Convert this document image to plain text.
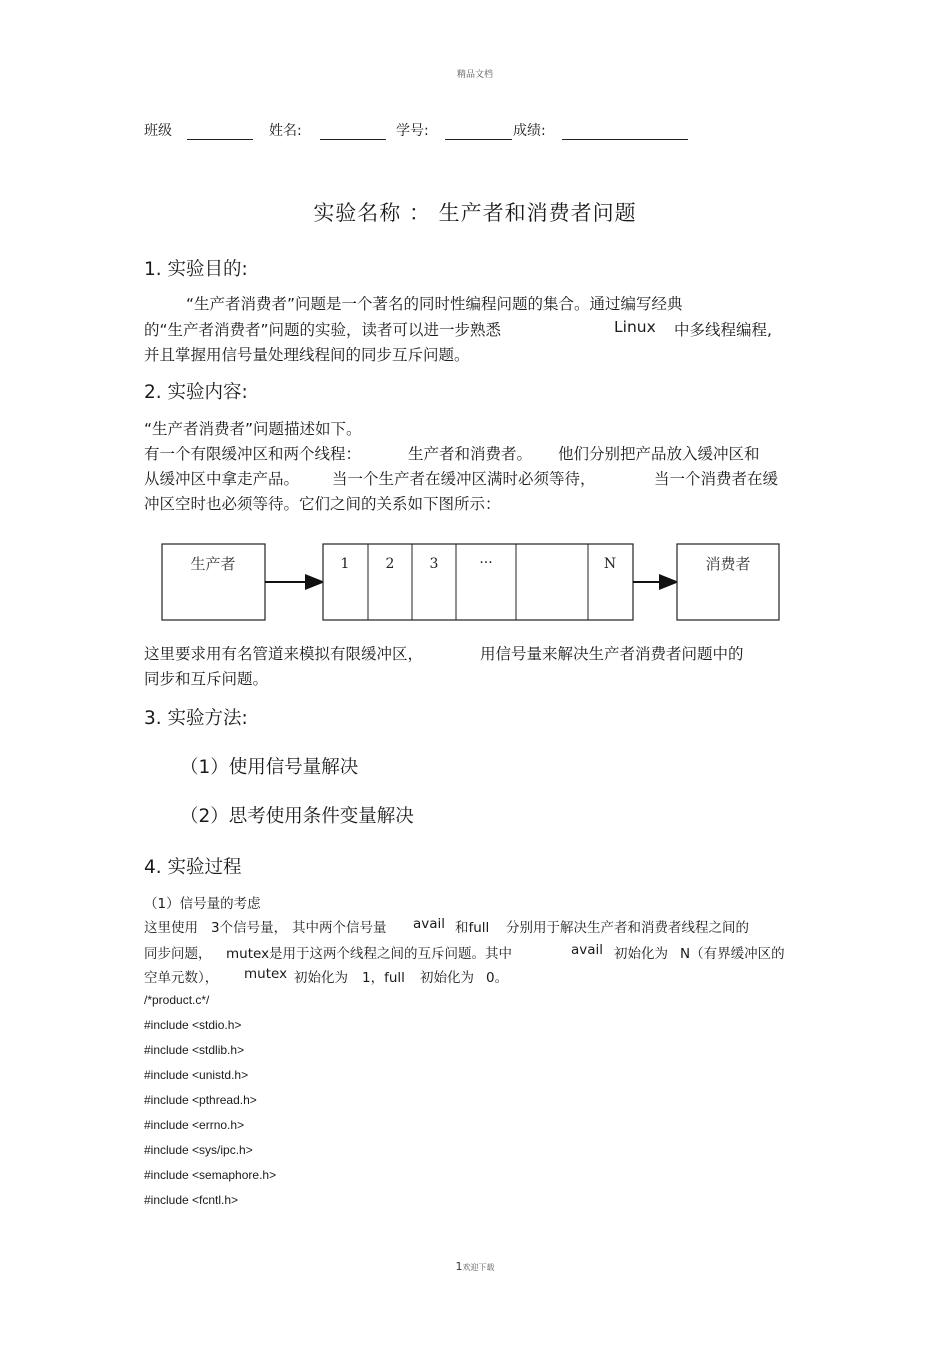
精品文档
班级	姓名:	学号:	成绩:
实验名称 ： 生产者和消费者问题
1. 实验目的:
“生产者消费者”问题是一个著名的同时性编程问题的集合。通过编写经典
的“生产者消费者”问题的实验，读者可以进一步熟悉	Linux 中多线程编程,
并且掌握用信号量处理线程间的同步互斥问题。
2. 实验内容:
“生产者消费者”问题描述如下。
有一个有限缓冲区和两个线程：	生产者和消费者。 他们分别把产品放入缓冲区和
从缓冲区中拿走产品。 当一个生产者在缓冲区满时必须等待，	当一个消费者在缓
冲区空时也必须等待。它们之间的关系如下图所示：
生产者	1	2	3	···	N	消费者
这里要求用有名管道来模拟有限缓冲区，	用信号量来解决生产者消费者问题中的
同步和互斥问题。
3. 实验方法:
（1）使用信号量解决
（2）思考使用条件变量解决
4. 实验过程
（1）信号量的考虑
这里使用 3个信号量， 其中两个信号量 avail 和full 分别用于解决生产者和消费者线程之间的
同步问题， mutex是用于这两个线程之间的互斥问题。其中	avail 初始化为 N（有界缓冲区的
空单元数）， mutex 初始化为 1，full 初始化为 0。
/*product.c*/
#include <stdio.h>
#include <stdlib.h>
#include <unistd.h>
#include <pthread.h>
#include <errno.h>
#include <sys/ipc.h>
#include <semaphore.h>
#include <fcntl.h>
1欢迎下载
